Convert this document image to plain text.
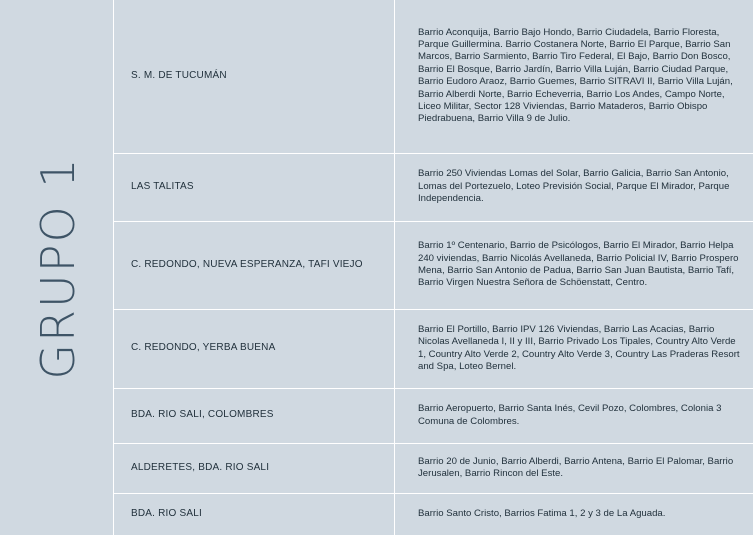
GRUPO 1
S. M. DE TUCUMÁN	Barrio Aconquija, Barrio Bajo Hondo, Barrio Ciudadela, Barrio Floresta, Parque Guillermina. Barrio Costanera Norte, Barrio El Parque, Barrio San Marcos, Barrio Sarmiento, Barrio Tiro Federal, El Bajo, Barrio Don Bosco, Barrio El Bosque, Barrio Jardín, Barrio Villa Luján, Barrio Ciudad Parque, Barrio Eudoro Araoz, Barrio Guemes, Barrio SITRAVI II, Barrio Villa Luján, Barrio Alberdi Norte, Barrio Echeverria, Barrio Los Andes, Campo Norte, Liceo Militar, Sector 128 Viviendas, Barrio Mataderos, Barrio Obispo Piedrabuena, Barrio Villa 9 de Julio.
LAS TALITAS	Barrio 250 Viviendas Lomas del Solar, Barrio Galicia, Barrio San Antonio, Lomas del Portezuelo, Loteo Previsión Social, Parque El Mirador, Parque Independencia.
C. REDONDO, NUEVA ESPERANZA, TAFI VIEJO	Barrio 1º Centenario, Barrio de Psicólogos, Barrio El Mirador, Barrio Helpa 240 viviendas, Barrio Nicolás Avellaneda, Barrio Policial IV, Barrio Prospero Mena, Barrio San Antonio de Padua, Barrio San Juan Bautista, Barrio Tafí, Barrio Virgen Nuestra Señora de Schöenstatt, Centro.
C. REDONDO, YERBA BUENA	Barrio El Portillo, Barrio IPV 126 Viviendas, Barrio Las Acacias, Barrio Nicolas Avellaneda I, II y III, Barrio Privado Los Tipales, Country Alto Verde 1, Country Alto Verde 2, Country Alto Verde 3, Country Las Praderas Resort and Spa, Loteo Bernel.
BDA. RIO SALI, COLOMBRES	Barrio Aeropuerto, Barrio Santa Inés, Cevil Pozo, Colombres, Colonia 3 Comuna de Colombres.
ALDERETES, BDA. RIO SALI	Barrio 20 de Junio, Barrio Alberdi, Barrio Antena, Barrio El Palomar, Barrio Jerusalen, Barrio Rincon del Este.
BDA. RIO SALI	Barrio Santo Cristo, Barrios Fatima 1, 2 y 3 de La Aguada.
